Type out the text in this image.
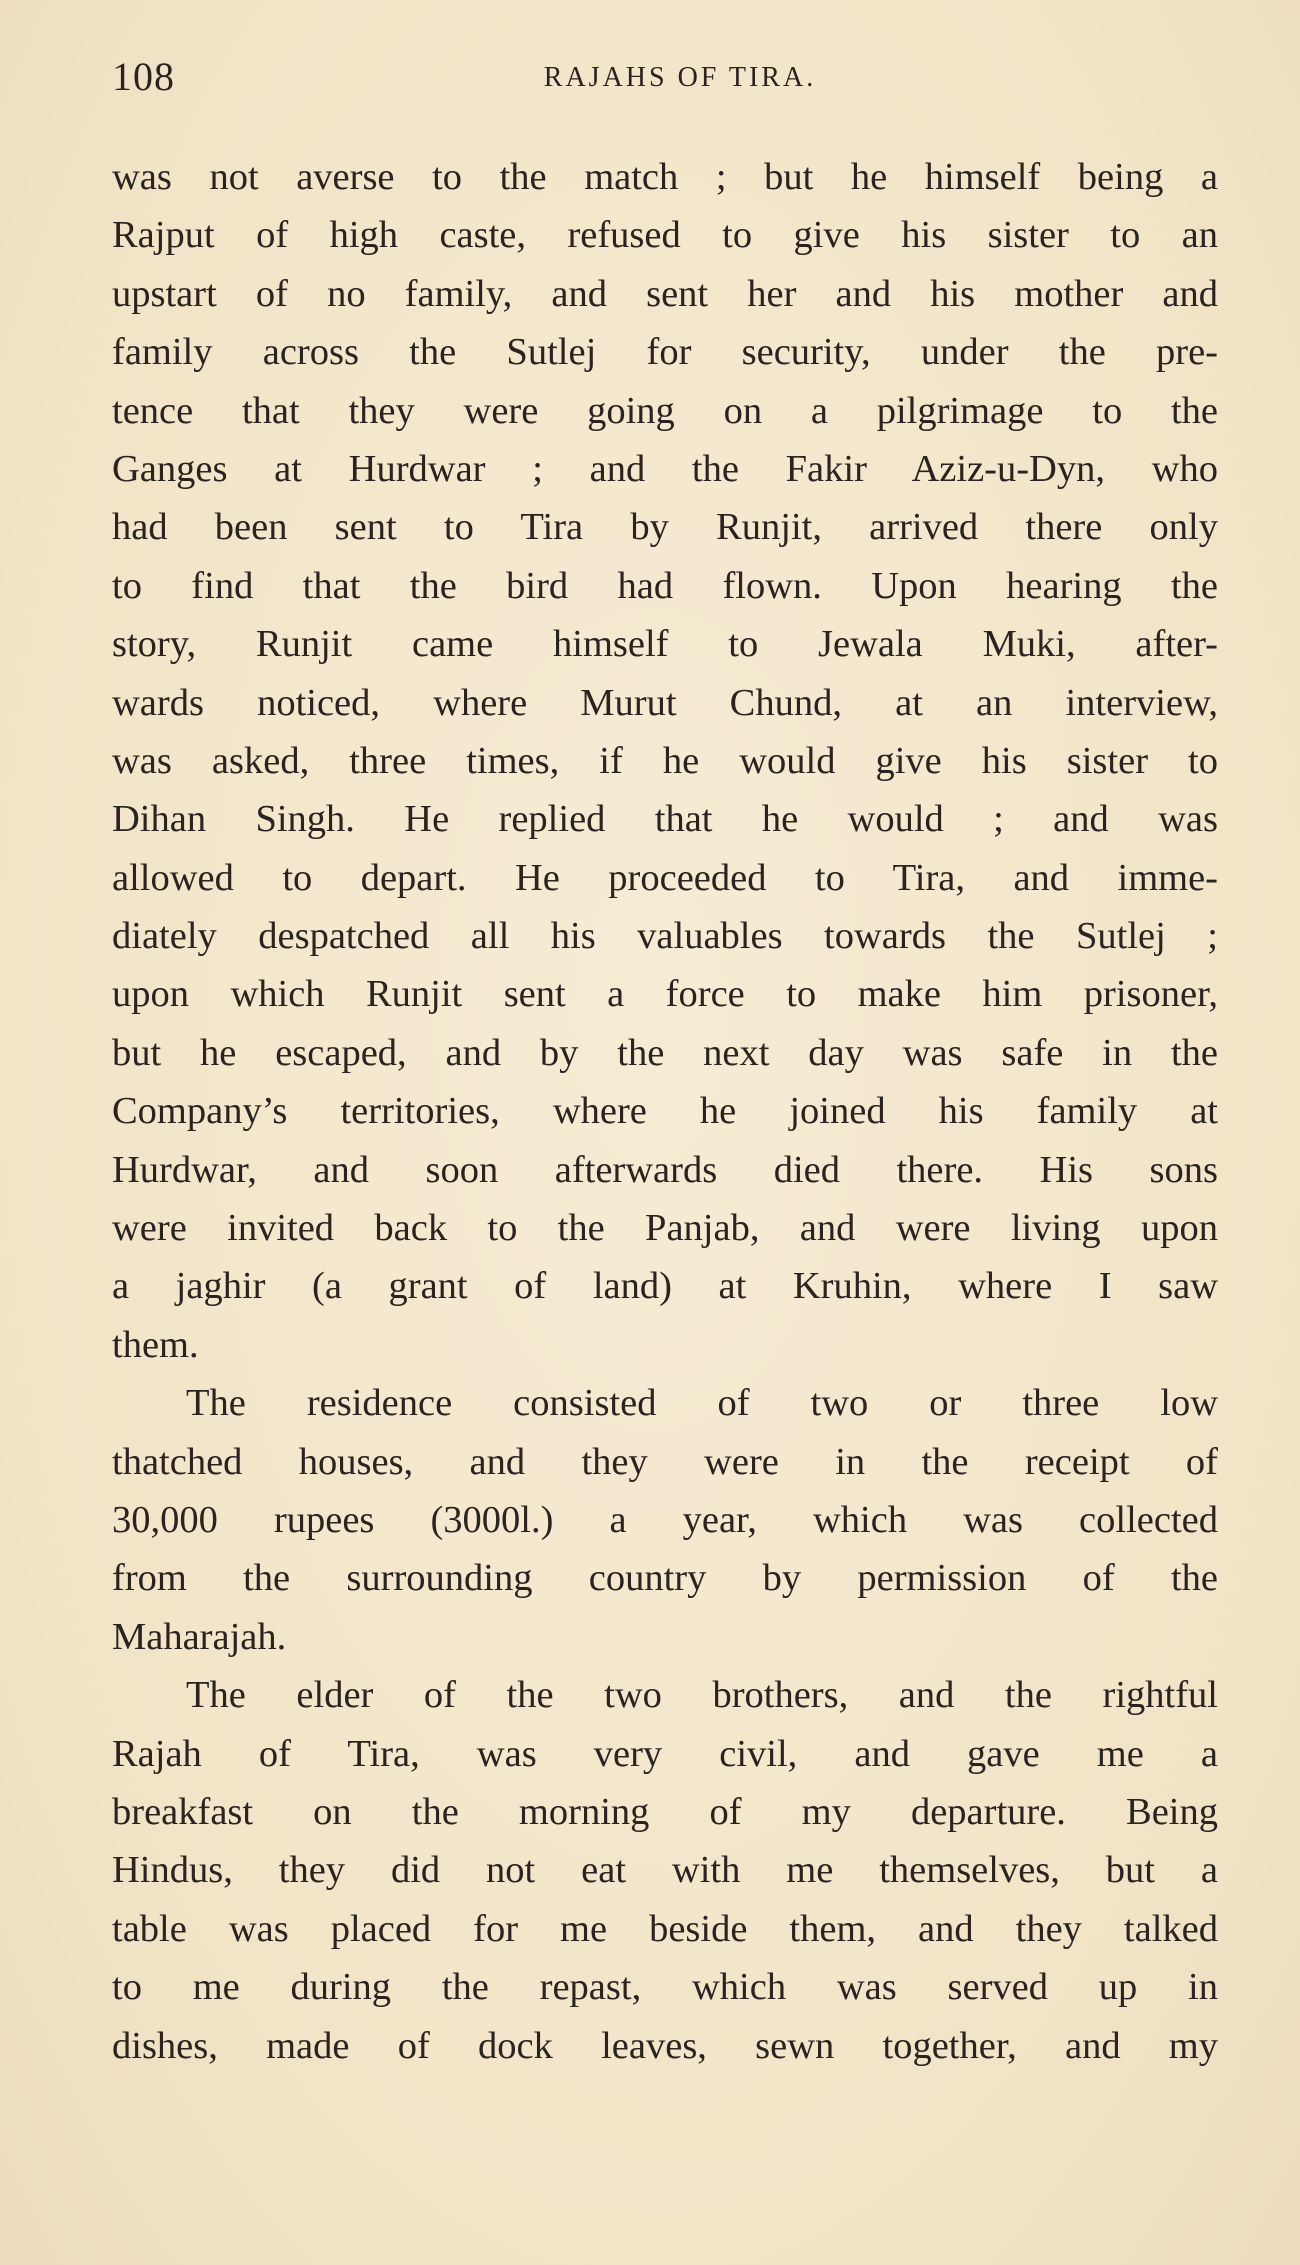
108	RAJAHS OF TIRA.
was not averse to the match ; but he himself being a
Rajput of high caste, refused to give his sister to an
upstart of no family, and sent her and his mother and
family across the Sutlej for security, under the pre-
tence that they were going on a pilgrimage to the
Ganges at Hurdwar ; and the Fakir Aziz-u-Dyn, who
had been sent to Tira by Runjit, arrived there only
to find that the bird had flown. Upon hearing the
story, Runjit came himself to Jewala Muki, after-
wards noticed, where Murut Chund, at an interview,
was asked, three times, if he would give his sister to
Dihan Singh. He replied that he would ; and was
allowed to depart. He proceeded to Tira, and imme-
diately despatched all his valuables towards the Sutlej ;
upon which Runjit sent a force to make him prisoner,
but he escaped, and by the next day was safe in the
Company’s territories, where he joined his family at
Hurdwar, and soon afterwards died there. His sons
were invited back to the Panjab, and were living upon
a jaghir (a grant of land) at Kruhin, where I saw
them.
The residence consisted of two or three low
thatched houses, and they were in the receipt of
30,000 rupees (3000l.) a year, which was collected
from the surrounding country by permission of the
Maharajah.
The elder of the two brothers, and the rightful
Rajah of Tira, was very civil, and gave me a
breakfast on the morning of my departure. Being
Hindus, they did not eat with me themselves, but a
table was placed for me beside them, and they talked
to me during the repast, which was served up in
dishes, made of dock leaves, sewn together, and my
